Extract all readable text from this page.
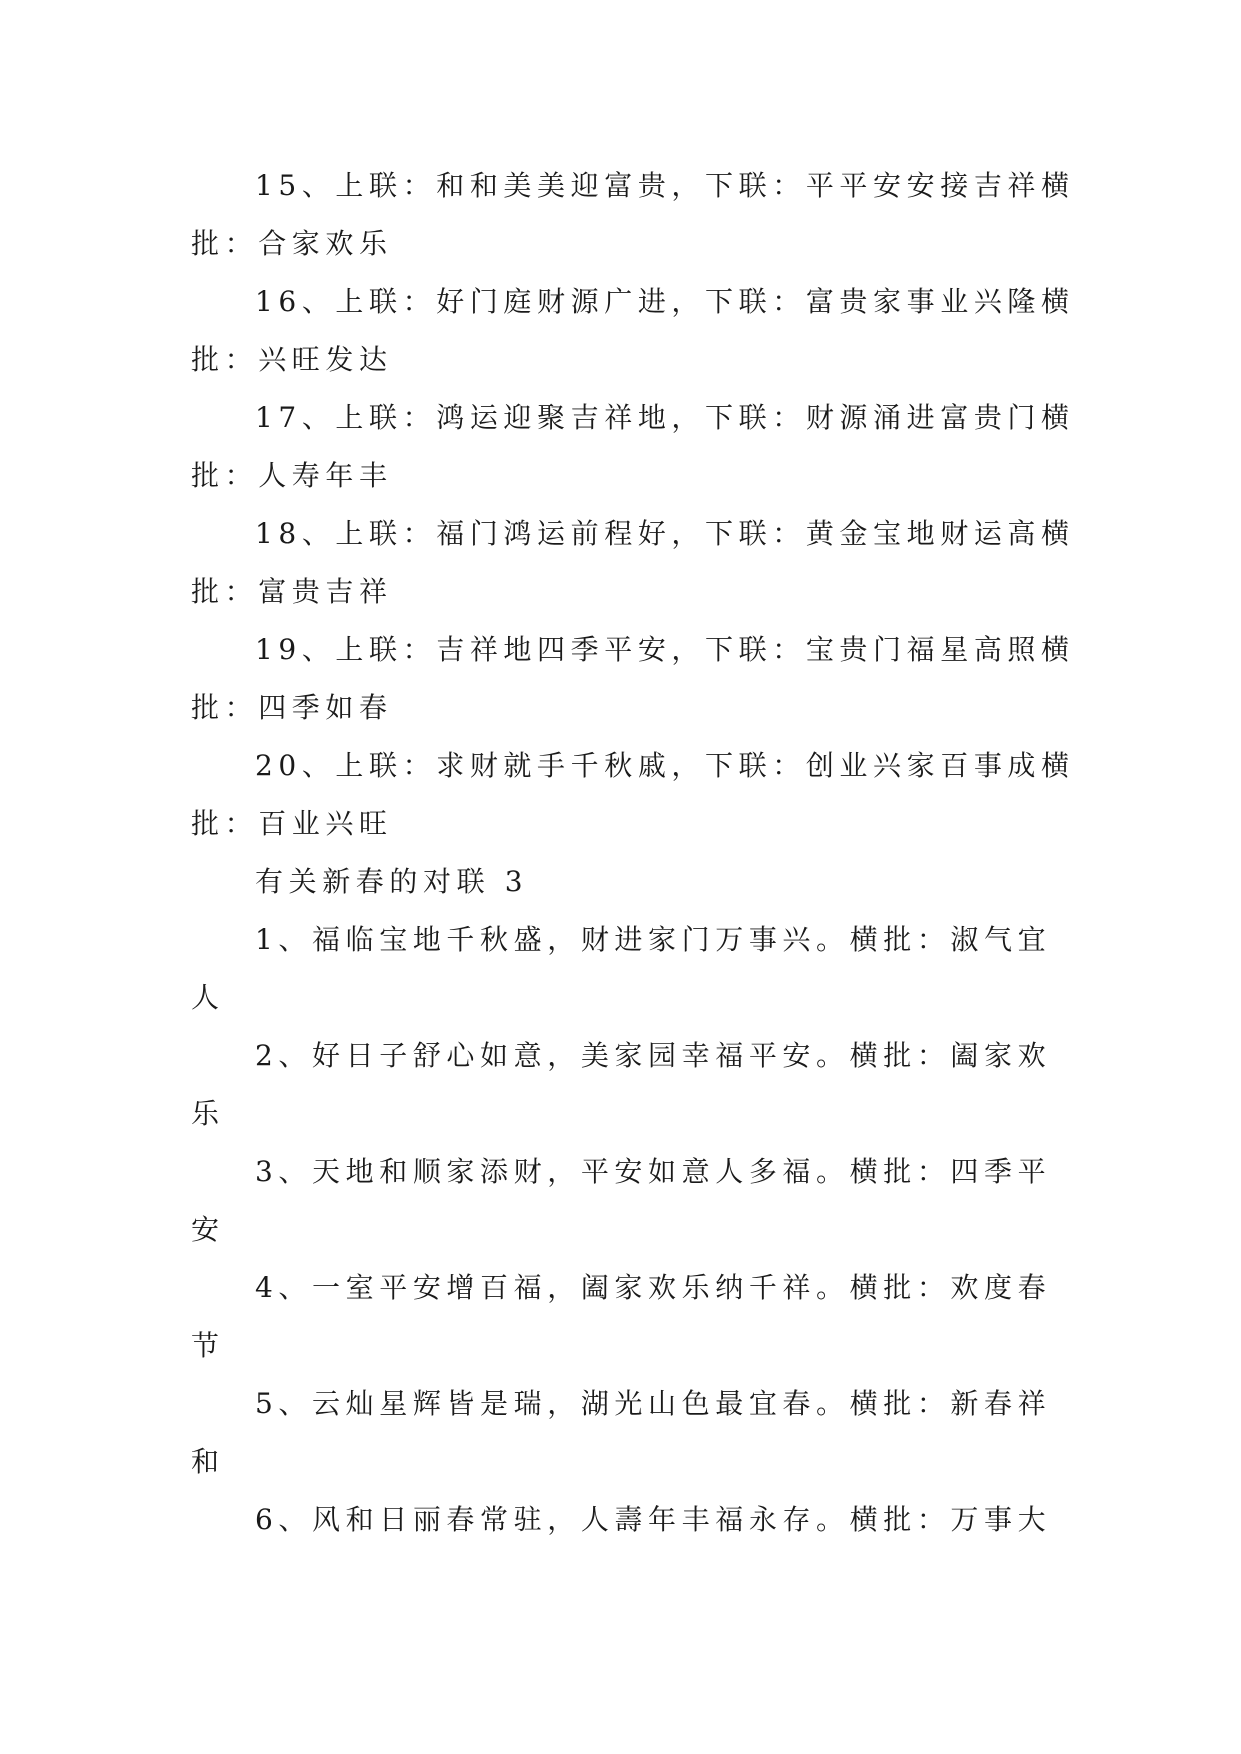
15、上联：和和美美迎富贵，下联：平平安安接吉祥横
批：合家欢乐
16、上联：好门庭财源广进，下联：富贵家事业兴隆横
批：兴旺发达
17、上联：鸿运迎聚吉祥地，下联：财源涌进富贵门横
批：人寿年丰
18、上联：福门鸿运前程好，下联：黄金宝地财运高横
批：富贵吉祥
19、上联：吉祥地四季平安，下联：宝贵门福星高照横
批：四季如春
20、上联：求财就手千秋戚，下联：创业兴家百事成横
批：百业兴旺
有关新春的对联 3
1、福临宝地千秋盛，财进家门万事兴。横批：淑气宜
人
2、好日子舒心如意，美家园幸福平安。横批：阖家欢
乐
3、天地和顺家添财，平安如意人多福。横批：四季平
安
4、一室平安增百福，阖家欢乐纳千祥。横批：欢度春
节
5、云灿星辉皆是瑞，湖光山色最宜春。横批：新春祥
和
6、风和日丽春常驻，人壽年丰福永存。横批：万事大
